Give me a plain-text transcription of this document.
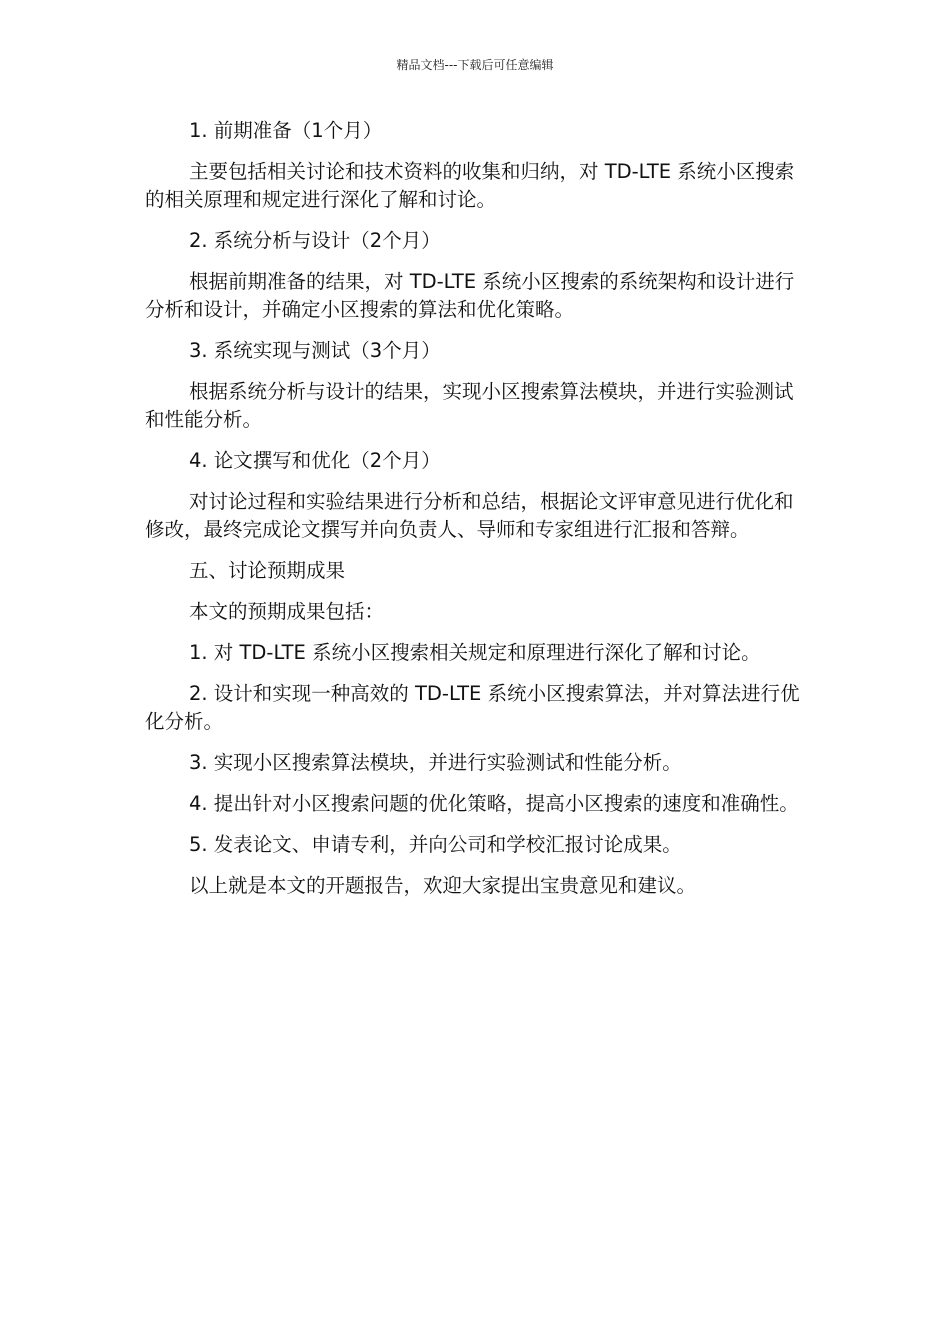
精品文档---下载后可任意编辑

1. 前期准备（1个月）

主要包括相关讨论和技术资料的收集和归纳，对 TD-LTE 系统小区搜索的相关原理和规定进行深化了解和讨论。

2. 系统分析与设计（2个月）

根据前期准备的结果，对 TD-LTE 系统小区搜索的系统架构和设计进行分析和设计，并确定小区搜索的算法和优化策略。

3. 系统实现与测试（3个月）

根据系统分析与设计的结果，实现小区搜索算法模块，并进行实验测试和性能分析。

4. 论文撰写和优化（2个月）

对讨论过程和实验结果进行分析和总结，根据论文评审意见进行优化和修改，最终完成论文撰写并向负责人、导师和专家组进行汇报和答辩。

五、讨论预期成果

本文的预期成果包括：

1. 对 TD-LTE 系统小区搜索相关规定和原理进行深化了解和讨论。

2. 设计和实现一种高效的 TD-LTE 系统小区搜索算法，并对算法进行优化分析。

3. 实现小区搜索算法模块，并进行实验测试和性能分析。

4. 提出针对小区搜索问题的优化策略，提高小区搜索的速度和准确性。

5. 发表论文、申请专利，并向公司和学校汇报讨论成果。

以上就是本文的开题报告，欢迎大家提出宝贵意见和建议。
